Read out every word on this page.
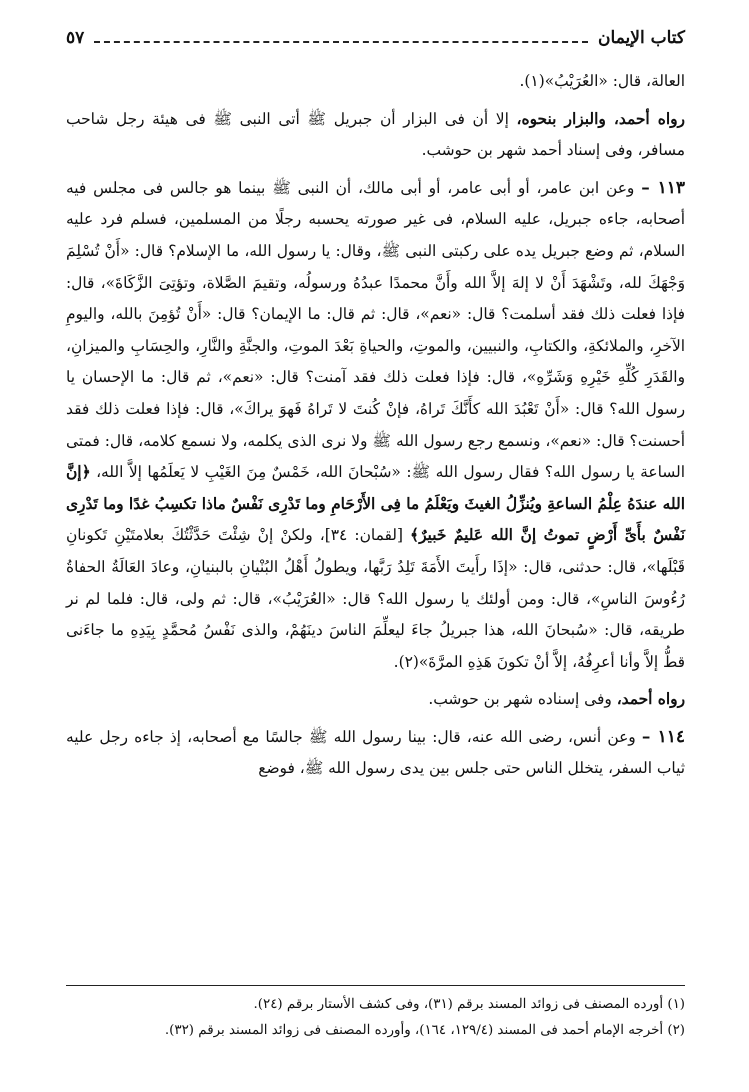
كتاب الإيمان
٥٧

العالة، قال: «العُرَيْبُ»(١).

رواه أحمد، والبزار بنحوه، إلا أن فى البزار أن جبريل ﷺ أتى النبى ﷺ فى هيئة رجل شاحب مسافر، وفى إسناد أحمد شهر بن حوشب.

١١٣ – وعن ابن عامر، أو أبى عامر، أو أبى مالك، أن النبى ﷺ بينما هو جالس فى مجلس فيه أصحابه، جاءه جبريل، عليه السلام، فى غير صورته يحسبه رجلًا من المسلمين، فسلم فرد عليه السلام، ثم وضع جبريل يده على ركبتى النبى ﷺ، وقال: يا رسول الله، ما الإسلام؟ قال: «أَنْ تُسْلِمَ وَجْهَكَ لله، وتَشْهَدَ أَنْ لا إلهَ إلاَّ الله وأَنَّ محمدًا عبدُهُ ورسولُه، وتقيمَ الصَّلاة، وتؤتِىَ الزَّكَاةَ»، قال: فإذا فعلت ذلك فقد أسلمت؟ قال: «نعم»، قال: ثم قال: ما الإيمان؟ قال: «أَنْ تُؤمِنَ بالله، واليومِ الآخرِ، والملائكةِ، والكتابِ، والنبيين، والموتِ، والحياةِ بَعْدَ الموتِ، والجنَّةِ والنَّارِ، والحِسَابِ والميزانِ، والقَدَرِ كُلِّهِ خَيْرِهِ وَشَرِّهِ»، قال: فإذا فعلت ذلك فقد آمنت؟ قال: «نعم»، ثم قال: ما الإحسان يا رسول الله؟ قال: «أَنْ تَعْبُدَ الله كأَنَّكَ تَراهُ، فإنْ كُنتَ لا تَراهُ فَهوَ يراكَ»، قال: فإذا فعلت ذلك فقد أحسنت؟ قال: «نعم»، ونسمع رجع رسول الله ﷺ ولا نرى الذى يكلمه، ولا نسمع كلامه، قال: فمتى الساعة يا رسول الله؟ فقال رسول الله ﷺ: «سُبْحانَ الله، خَمْسٌ مِنَ الغَيْبِ لا يَعلَمُها إلاَّ الله، ﴿إنَّ الله عندَهُ عِلْمُ الساعةِ ويُنزِّلُ الغيثَ ويَعْلَمُ ما فِى الأَرْحَامِ وما تَدْرِى نَفْسٌ ماذا تكسِبُ غدًا وما تَدْرِى نَفْسٌ بأَىِّ أَرْضٍ تموتُ إنَّ الله عَليمٌ خَبيرٌ﴾ [لقمان: ٣٤]، ولكنْ إنْ شِئْتَ حَدَّثْتُكَ بعلامتَيْنِ تَكونانِ قَبْلَها»، قال: حدثنى، قال: «إذَا رأَيتَ الأَمَةَ تَلِدُ رَبَّها، ويطولُ أَهْلُ البُنْيانِ بالبنيانِ، وعادَ العَالَةُ الحفاةُ رُءُوسَ الناسِ»، قال: ومن أولئك يا رسول الله؟ قال: «العُرَيْبُ»، قال: ثم ولى، قال: فلما لم نر طريقه، قال: «سُبحانَ الله، هذا جبريلُ جاءَ ليعلِّمَ الناسَ دينَهُمْ، والذى نَفْسُ مُحمَّدٍ بِيَدِهِ ما جاءَنى قطُّ إلاَّ وأنا أعرِفُهُ، إلاَّ أنْ تكونَ هَذِهِ المرَّةَ»(٢).

رواه أحمد، وفى إسناده شهر بن حوشب.

١١٤ – وعن أنس، رضى الله عنه، قال: بينا رسول الله ﷺ جالسًا مع أصحابه، إذ جاءه رجل عليه ثياب السفر، يتخلل الناس حتى جلس بين يدى رسول الله ﷺ، فوضع

(١) أورده المصنف فى زوائد المسند برقم (٣١)، وفى كشف الأستار برقم (٢٤).

(٢) أخرجه الإمام أحمد فى المسند (١٢٩/٤، ١٦٤)، وأورده المصنف فى زوائد المسند برقم (٣٢).
